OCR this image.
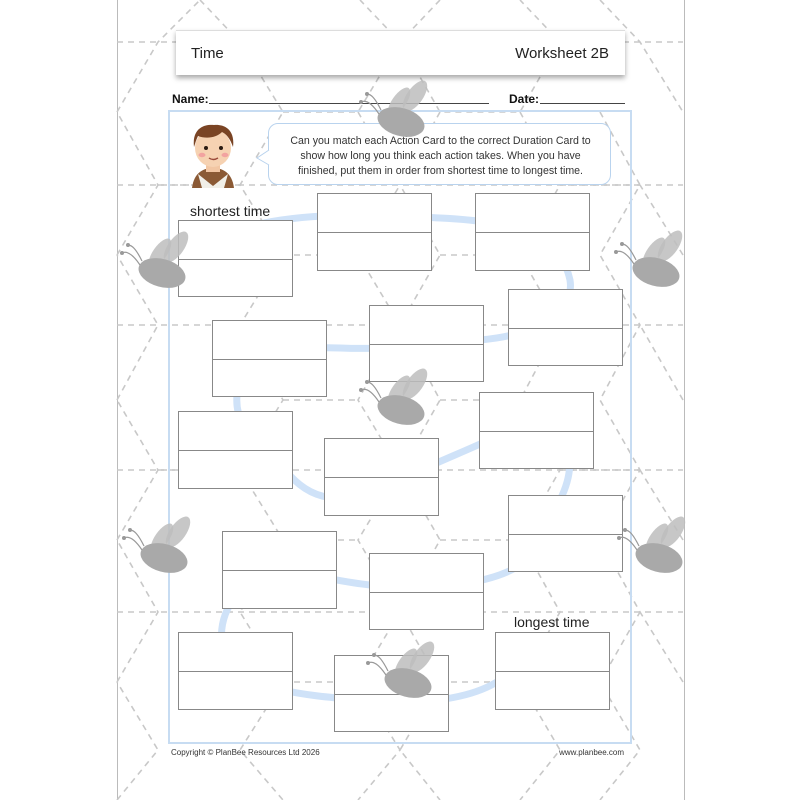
Time	Worksheet 2B
Name:	Date:
Can you match each Action Card to the correct Duration Card to show how long you think each action takes. When you have finished, put them in order from shortest time to longest time.
shortest time
longest time
Copyright © PlanBee Resources Ltd 2026	www.planbee.com
